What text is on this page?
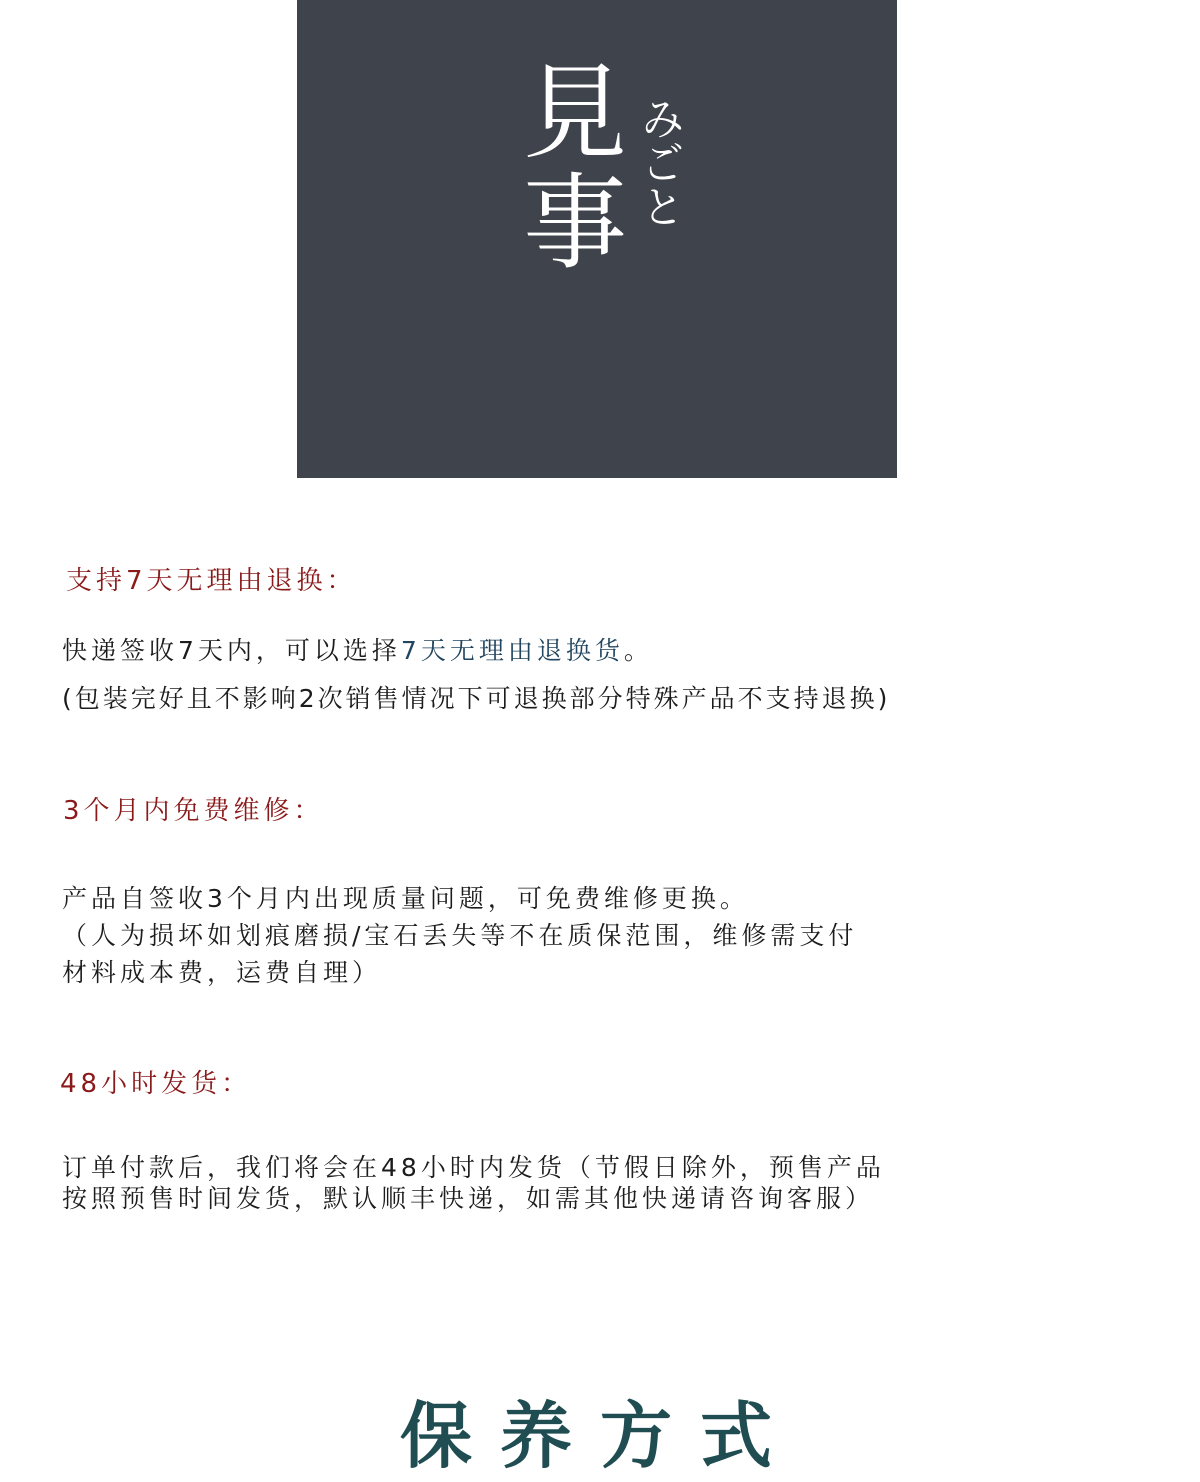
見
事 みごと
支持7天无理由退换：
快递签收7天内，可以选择7天无理由退换货。
(包装完好且不影响2次销售情况下可退换部分特殊产品不支持退换)
3个月内免费维修：
产品自签收3个月内出现质量问题，可免费维修更换。
（人为损坏如划痕磨损/宝石丢失等不在质保范围，维修需支付
材料成本费，运费自理）
48小时发货：
订单付款后，我们将会在48小时内发货（节假日除外，预售产品
按照预售时间发货，默认顺丰快递，如需其他快递请咨询客服）
保养方式
